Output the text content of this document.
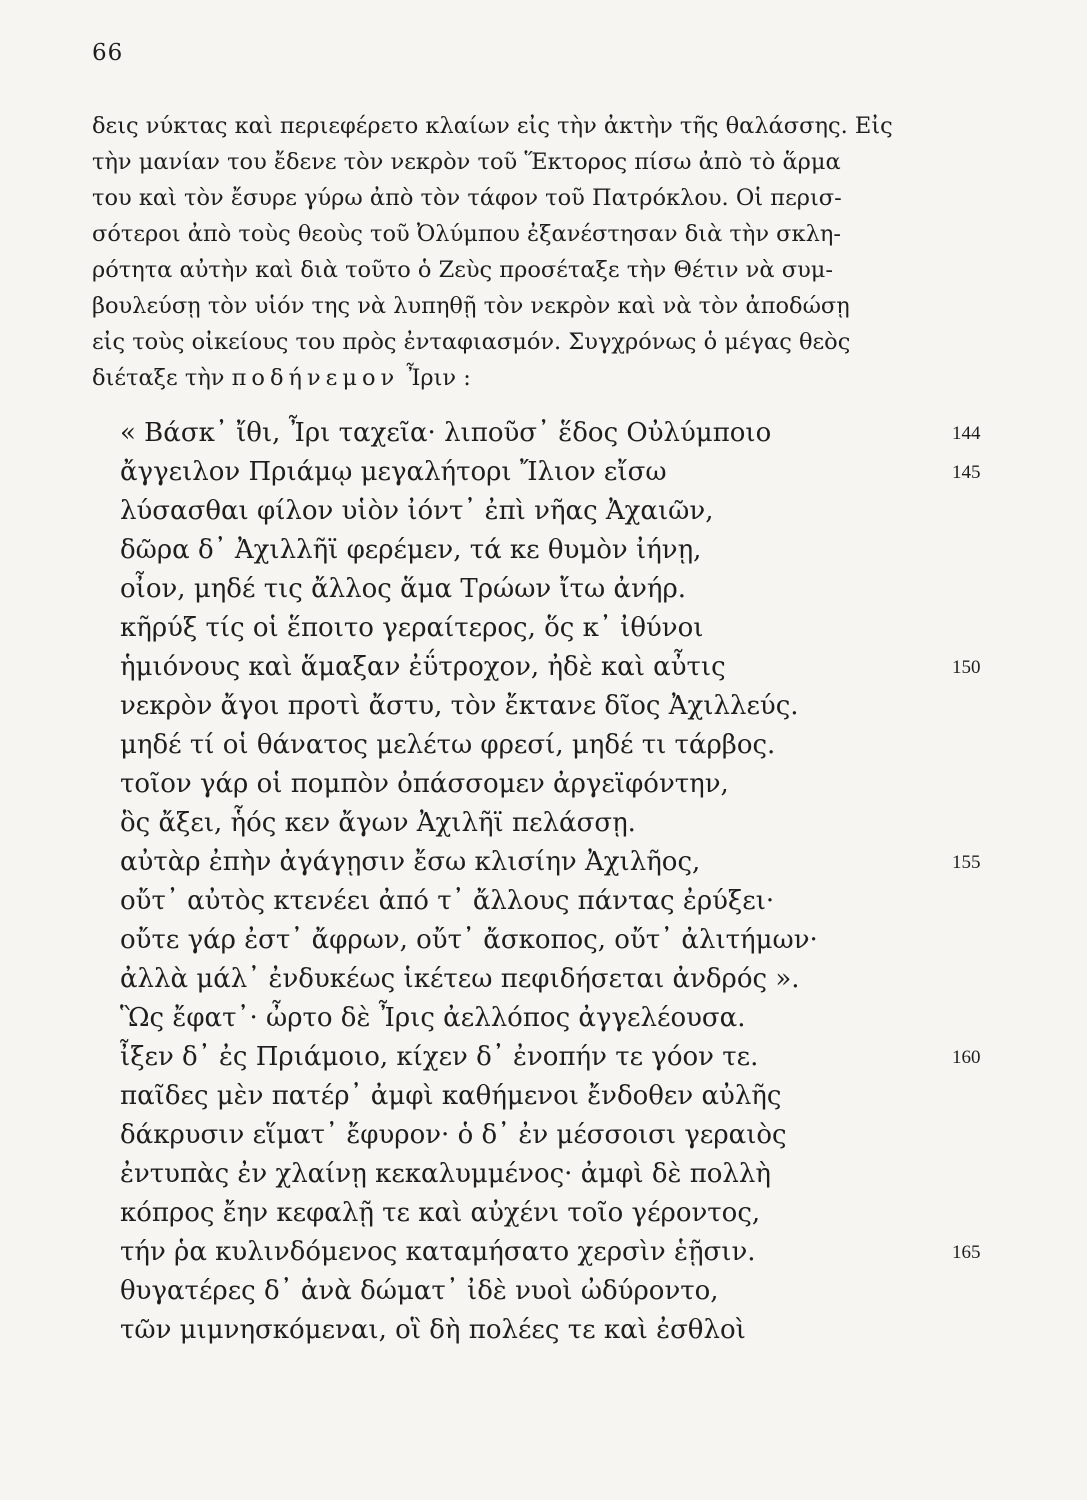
66
δεις νύκτας καὶ περιεφέρετο κλαίων εἰς τὴν ἀκτὴν τῆς θαλάσσης. Εἰς
τὴν μανίαν του ἔδενε τὸν νεκρὸν τοῦ Ἕκτορος πίσω ἀπὸ τὸ ἅρμα
του καὶ τὸν ἔσυρε γύρω ἀπὸ τὸν τάφον τοῦ Πατρόκλου. Οἱ περισ-
σότεροι ἀπὸ τοὺς θεοὺς τοῦ Ὀλύμπου ἐξανέστησαν διὰ τὴν σκλη-
ρότητα αὐτὴν καὶ διὰ τοῦτο ὁ Ζεὺς προσέταξε τὴν Θέτιν νὰ συμ-
βουλεύσῃ τὸν υἱόν της νὰ λυπηθῇ τὸν νεκρὸν καὶ νὰ τὸν ἀποδώσῃ
εἰς τοὺς οἰκείους του πρὸς ἐνταφιασμόν. Συγχρόνως ὁ μέγας θεὸς
διέταξε τὴν ποδήνεμον Ἶριν :
« Βάσκ᾽ ἴθι, Ἶρι ταχεῖα· λιποῦσ᾽ ἕδος Οὐλύμποιο	144
ἄγγειλον Πριάμῳ μεγαλήτορι Ἴλιον εἴσω	145
λύσασθαι φίλον υἱὸν ἰόντ᾽ ἐπὶ νῆας Ἀχαιῶν,
δῶρα δ᾽ Ἀχιλλῆϊ φερέμεν, τά κε θυμὸν ἰήνῃ,
οἶον, μηδέ τις ἄλλος ἅμα Τρώων ἴτω ἀνήρ.
κῆρύξ τίς οἱ ἕποιτο γεραίτερος, ὅς κ᾽ ἰθύνοι
ἡμιόνους καὶ ἅμαξαν ἐΰτροχον, ἠδὲ καὶ αὖτις	150
νεκρὸν ἄγοι προτὶ ἄστυ, τὸν ἔκτανε δῖος Ἀχιλλεύς.
μηδέ τί οἱ θάνατος μελέτω φρεσί, μηδέ τι τάρβος.
τοῖον γάρ οἱ πομπὸν ὀπάσσομεν ἀργεϊφόντην,
ὃς ἄξει, ἧός κεν ἄγων Ἀχιλῆϊ πελάσσῃ.
αὐτὰρ ἐπὴν ἀγάγῃσιν ἔσω κλισίην Ἀχιλῆος,	155
οὔτ᾽ αὐτὸς κτενέει ἀπό τ᾽ ἄλλους πάντας ἐρύξει·
οὔτε γάρ ἐστ᾽ ἄφρων, οὔτ᾽ ἄσκοπος, οὔτ᾽ ἀλιτήμων·
ἀλλὰ μάλ᾽ ἐνδυκέως ἱκέτεω πεφιδήσεται ἀνδρός ».
Ὣς ἔφατ᾽· ὦρτο δὲ Ἶρις ἀελλόπος ἀγγελέουσα.
ἶξεν δ᾽ ἐς Πριάμοιο, κίχεν δ᾽ ἐνοπήν τε γόον τε.	160
παῖδες μὲν πατέρ᾽ ἀμφὶ καθήμενοι ἔνδοθεν αὐλῆς
δάκρυσιν εἵματ᾽ ἔφυρον· ὁ δ᾽ ἐν μέσσοισι γεραιὸς
ἐντυπὰς ἐν χλαίνῃ κεκαλυμμένος· ἀμφὶ δὲ πολλὴ
κόπρος ἔην κεφαλῇ τε καὶ αὐχένι τοῖο γέροντος,
τήν ῥα κυλινδόμενος καταμήσατο χερσὶν ἑῇσιν.	165
θυγατέρες δ᾽ ἀνὰ δώματ᾽ ἰδὲ νυοὶ ὠδύροντο,
τῶν μιμνησκόμεναι, οἳ δὴ πολέες τε καὶ ἐσθλοὶ
